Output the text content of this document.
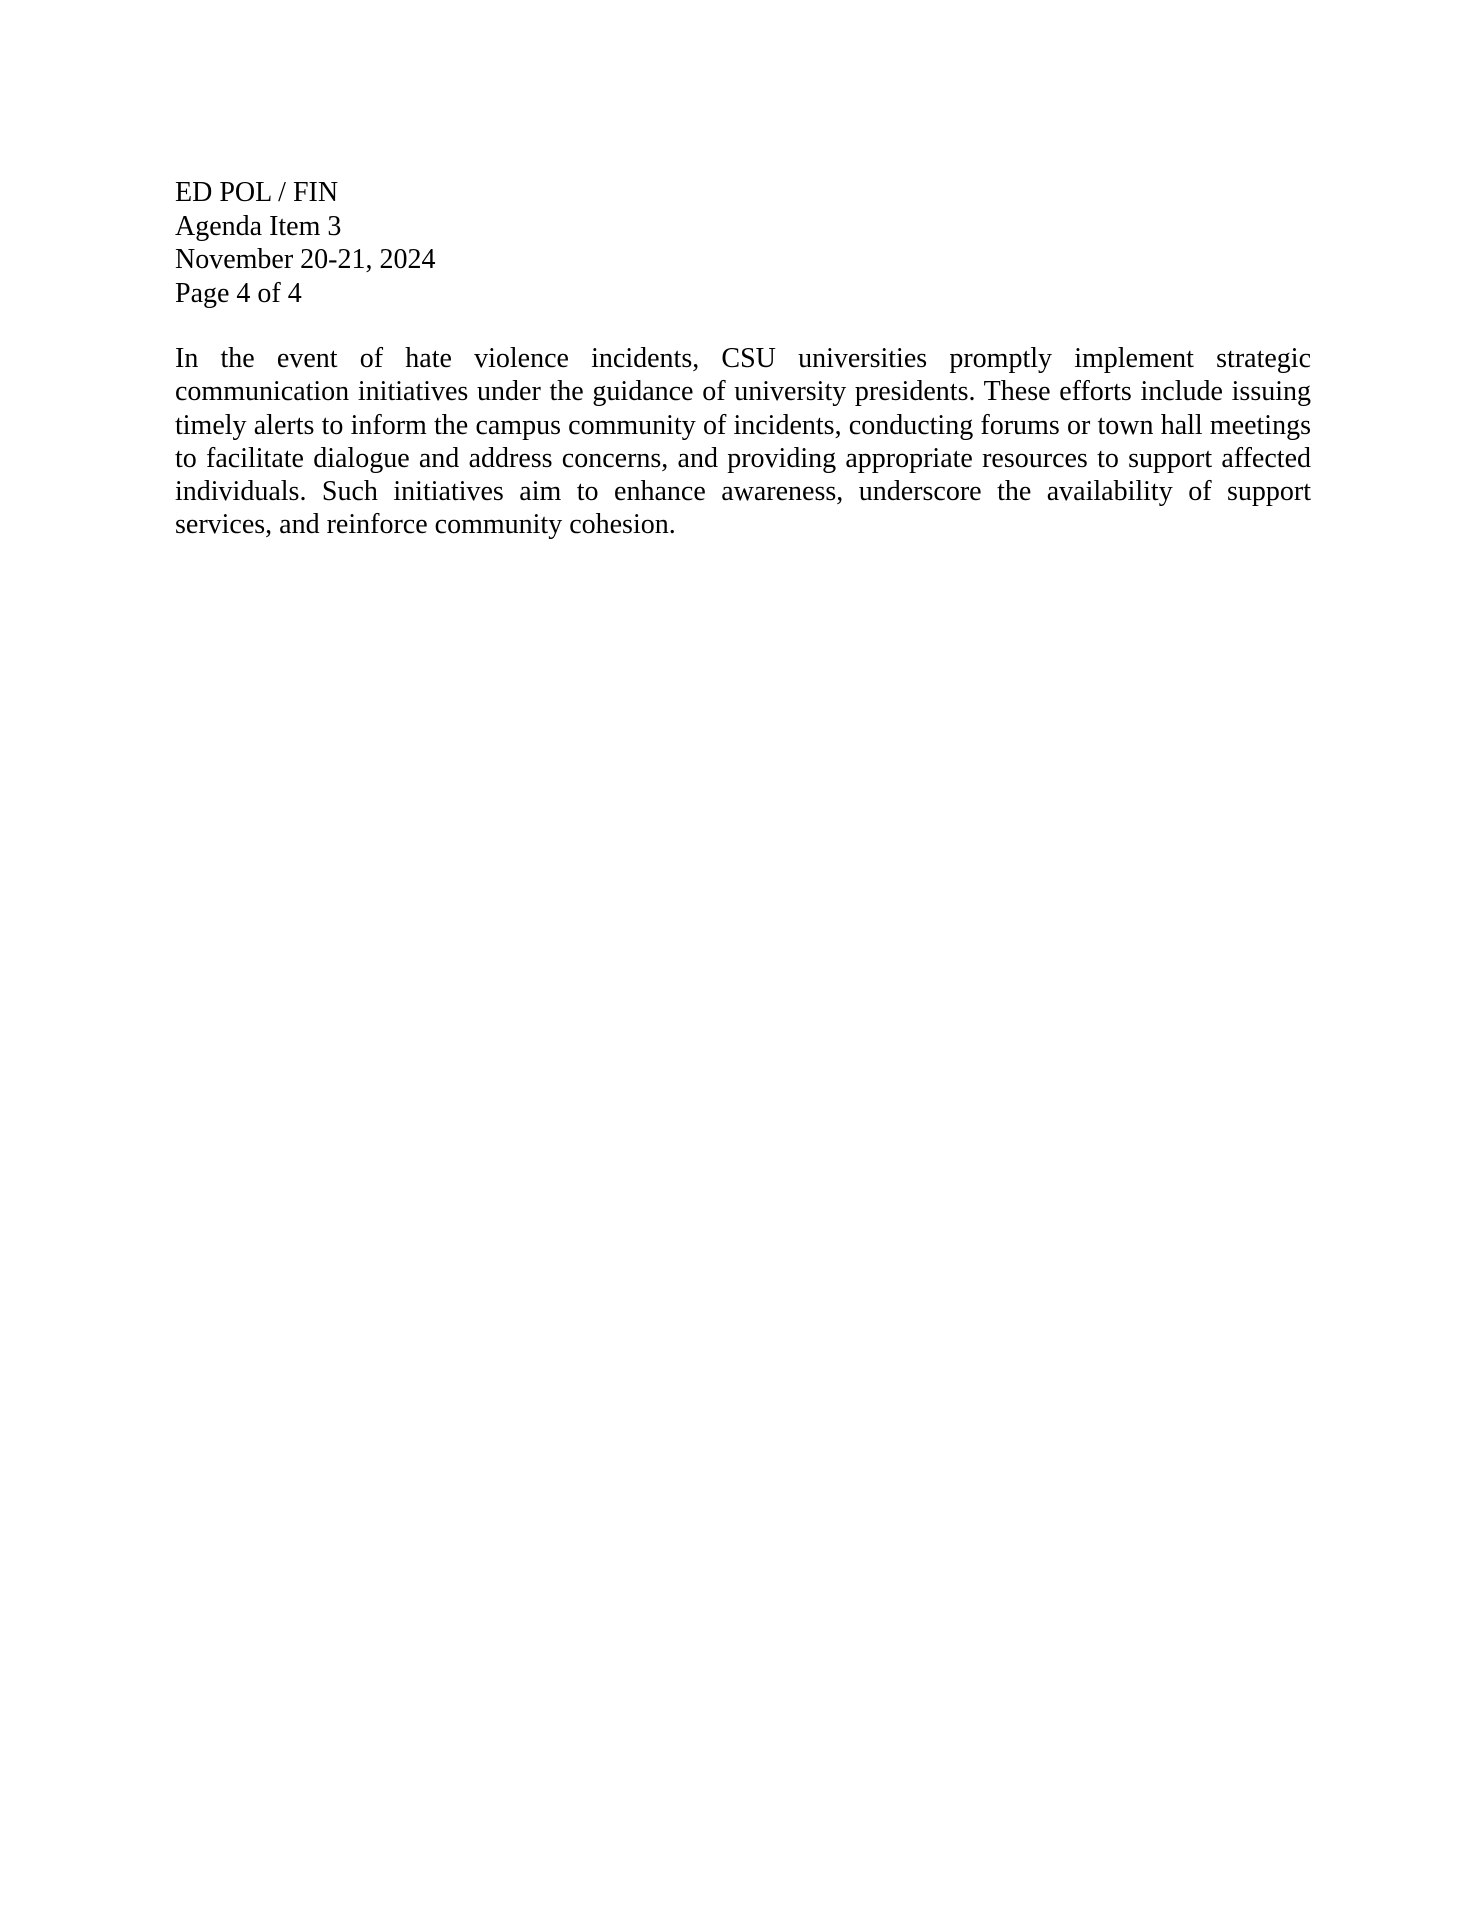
ED POL / FIN
Agenda Item 3
November 20-21, 2024
Page 4 of 4

In the event of hate violence incidents, CSU universities promptly implement strategic communication initiatives under the guidance of university presidents. These efforts include issuing timely alerts to inform the campus community of incidents, conducting forums or town hall meetings to facilitate dialogue and address concerns, and providing appropriate resources to support affected individuals. Such initiatives aim to enhance awareness, underscore the availability of support services, and reinforce community cohesion.
